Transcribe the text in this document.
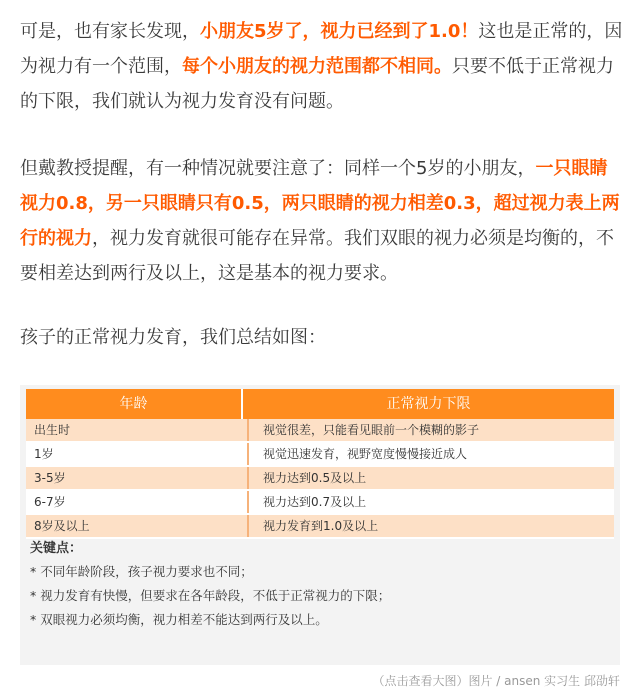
可是，也有家长发现，小朋友5岁了，视力已经到了1.0！这也是正常的，因为视力有一个范围，每个小朋友的视力范围都不相同。只要不低于正常视力的下限，我们就认为视力发育没有问题。

但戴教授提醒，有一种情况就要注意了：同样一个5岁的小朋友，一只眼睛视力0.8，另一只眼睛只有0.5，两只眼睛的视力相差0.3，超过视力表上两行的视力，视力发育就很可能存在异常。我们双眼的视力必须是均衡的，不要相差达到两行及以上，这是基本的视力要求。

孩子的正常视力发育，我们总结如图：

年龄	正常视力下限
出生时	视觉很差，只能看见眼前一个模糊的影子
1岁	视觉迅速发育，视野宽度慢慢接近成人
3-5岁	视力达到0.5及以上
6-7岁	视力达到0.7及以上
8岁及以上	视力发育到1.0及以上
关键点：
* 不同年龄阶段，孩子视力要求也不同；
* 视力发育有快慢，但要求在各年龄段，不低于正常视力的下限；
* 双眼视力必须均衡，视力相差不能达到两行及以上。
（点击查看大图）图片 / ansen 实习生 邱劭轩
